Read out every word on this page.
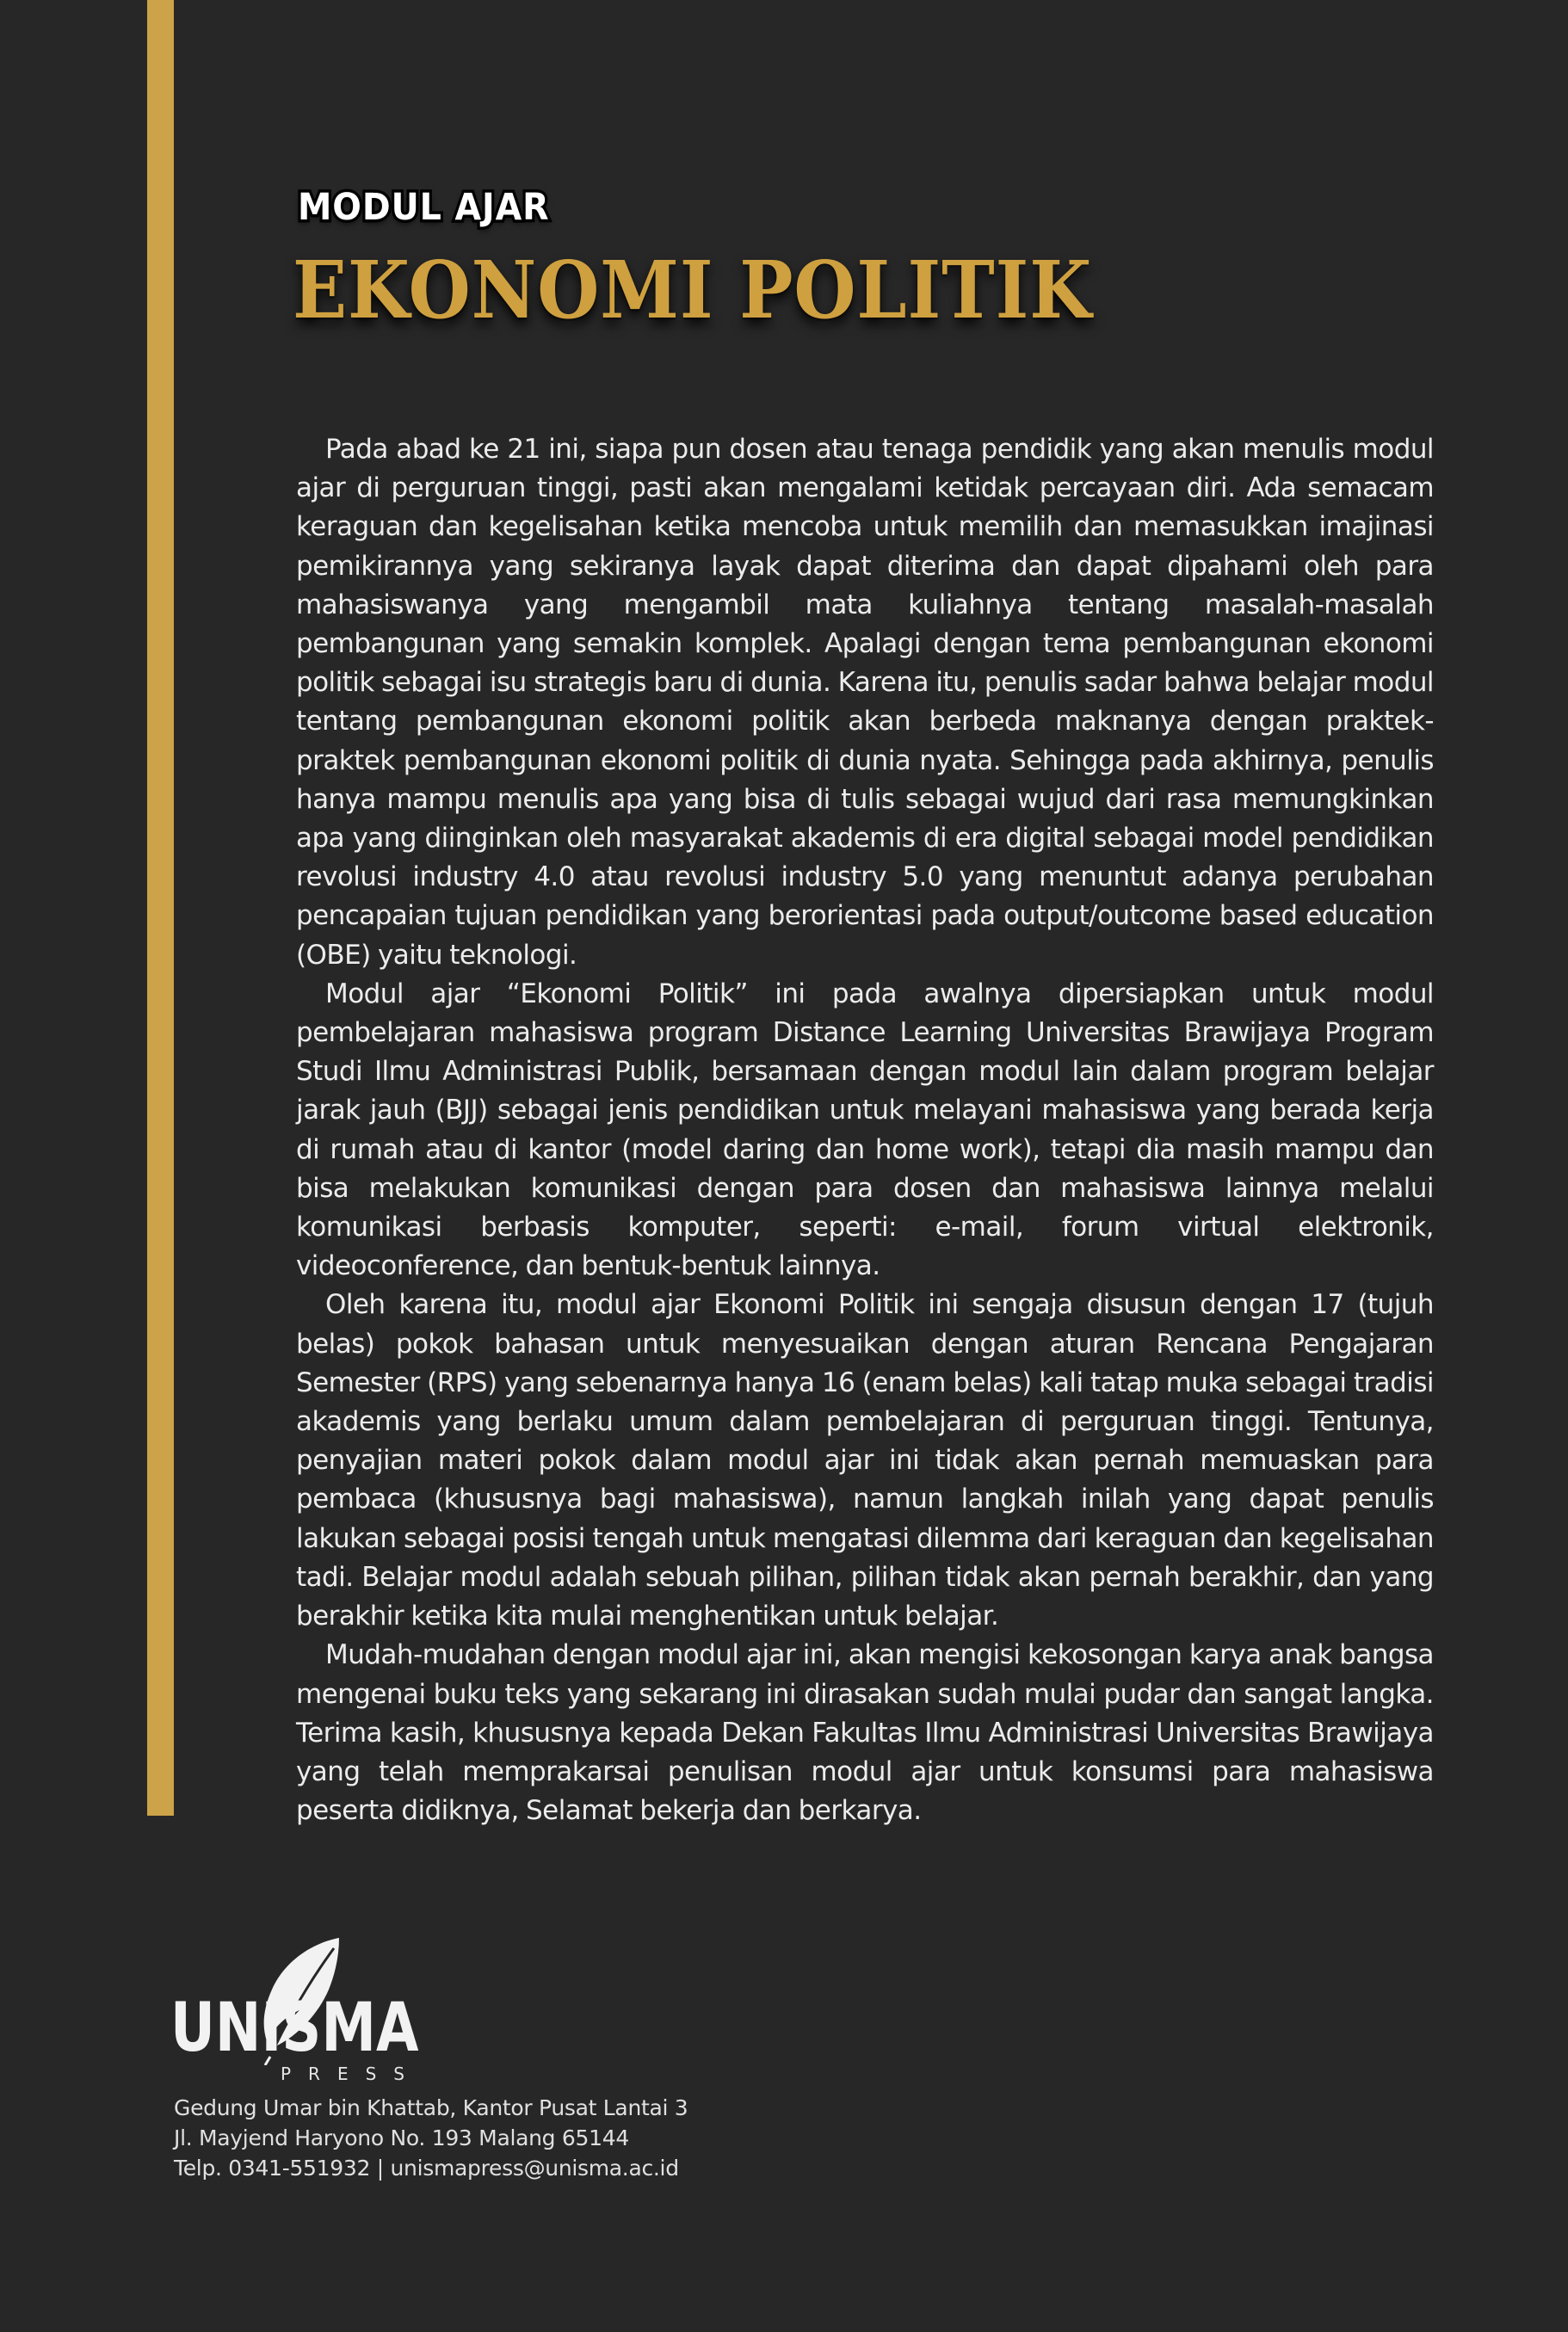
MODUL AJAR
EKONOMI POLITIK

Pada abad ke 21 ini, siapa pun dosen atau tenaga pendidik yang akan menulis modul ajar di perguruan tinggi, pasti akan mengalami ketidak percayaan diri. Ada semacam keraguan dan kegelisahan ketika mencoba untuk memilih dan memasukkan imajinasi pemikirannya yang sekiranya layak dapat diterima dan dapat dipahami oleh para mahasiswanya yang mengambil mata kuliahnya tentang masalah-masalah pembangunan yang semakin komplek. Apalagi dengan tema pembangunan ekonomi politik sebagai isu strategis baru di dunia. Karena itu, penulis sadar bahwa belajar modul tentang pembangunan ekonomi politik akan berbeda maknanya dengan praktek-praktek pembangunan ekonomi politik di dunia nyata. Sehingga pada akhirnya, penulis hanya mampu menulis apa yang bisa di tulis sebagai wujud dari rasa memungkinkan apa yang diinginkan oleh masyarakat akademis di era digital sebagai model pendidikan revolusi industry 4.0 atau revolusi industry 5.0 yang menuntut adanya perubahan pencapaian tujuan pendidikan yang berorientasi pada output/outcome based education (OBE) yaitu teknologi.

Modul ajar “Ekonomi Politik” ini pada awalnya dipersiapkan untuk modul pembelajaran mahasiswa program Distance Learning Universitas Brawijaya Program Studi Ilmu Administrasi Publik, bersamaan dengan modul lain dalam program belajar jarak jauh (BJJ) sebagai jenis pendidikan untuk melayani mahasiswa yang berada kerja di rumah atau di kantor (model daring dan home work), tetapi dia masih mampu dan bisa melakukan komunikasi dengan para dosen dan mahasiswa lainnya melalui komunikasi berbasis komputer, seperti: e-mail, forum virtual elektronik, videoconference, dan bentuk-bentuk lainnya.

Oleh karena itu, modul ajar Ekonomi Politik ini sengaja disusun dengan 17 (tujuh belas) pokok bahasan untuk menyesuaikan dengan aturan Rencana Pengajaran Semester (RPS) yang sebenarnya hanya 16 (enam belas) kali tatap muka sebagai tradisi akademis yang berlaku umum dalam pembelajaran di perguruan tinggi. Tentunya, penyajian materi pokok dalam modul ajar ini tidak akan pernah memuaskan para pembaca (khususnya bagi mahasiswa), namun langkah inilah yang dapat penulis lakukan sebagai posisi tengah untuk mengatasi dilemma dari keraguan dan kegelisahan tadi. Belajar modul adalah sebuah pilihan, pilihan tidak akan pernah berakhir, dan yang berakhir ketika kita mulai menghentikan untuk belajar.

Mudah-mudahan dengan modul ajar ini, akan mengisi kekosongan karya anak bangsa mengenai buku teks yang sekarang ini dirasakan sudah mulai pudar dan sangat langka. Terima kasih, khususnya kepada Dekan Fakultas Ilmu Administrasi Universitas Brawijaya yang telah memprakarsai penulisan modul ajar untuk konsumsi para mahasiswa peserta didiknya, Selamat bekerja dan berkarya.

UNISMA
PRESS
Gedung Umar bin Khattab, Kantor Pusat Lantai 3
Jl. Mayjend Haryono No. 193 Malang 65144
Telp. 0341-551932 | unismapress@unisma.ac.id
